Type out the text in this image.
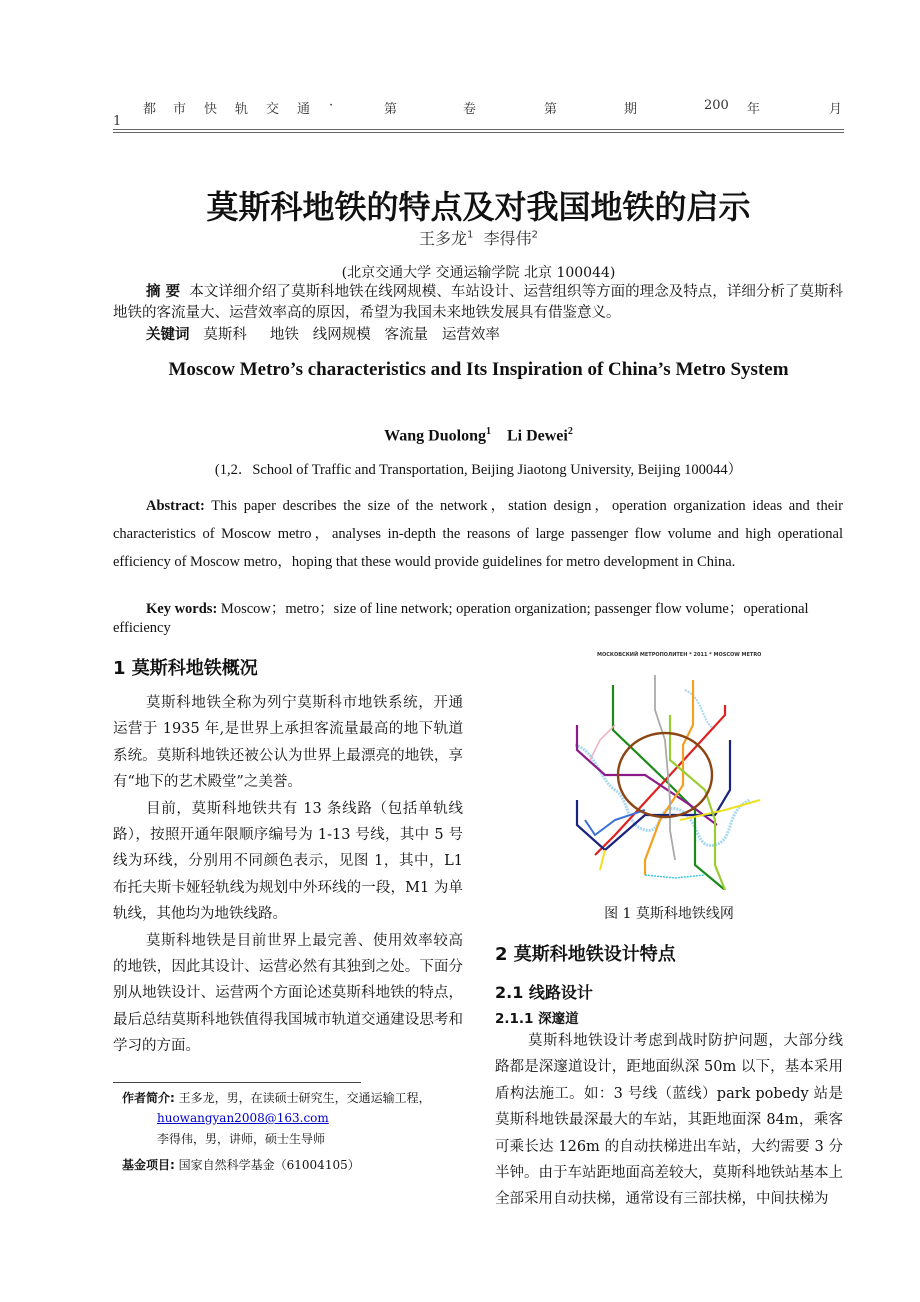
都 市 快 轨 交 通 ·	第	卷	第	期	200 年	月
1
莫斯科地铁的特点及对我国地铁的启示
王多龙$^1$ 李得伟$^2$
(北京交通大学 交通运输学院 北京 100044)
摘 要 本文详细介绍了莫斯科地铁在线网规模、车站设计、运营组织等方面的理念及特点，详细分析了莫斯科地铁的客流量大、运营效率高的原因，希望为我国未来地铁发展具有借鉴意义。
关键词 莫斯科 地铁 线网规模 客流量 运营效率
Moscow Metro’s characteristics and Its Inspiration of China’s Metro System
Wang Duolong$^1$ Li Dewei$^2$
(1,2．School of Traffic and Transportation, Beijing Jiaotong University, Beijing 100044）
Abstract: This paper describes the size of the network，station design，operation organization ideas and their characteristics of Moscow metro，analyses in-depth the reasons of large passenger flow volume and high operational efficiency of Moscow metro，hoping that these would provide guidelines for metro development in China.
Key words: Moscow；metro；size of line network; operation organization; passenger flow volume；operational efficiency
1 莫斯科地铁概况

莫斯科地铁全称为列宁莫斯科市地铁系统，开通运营于 1935 年,是世界上承担客流量最高的地下轨道系统。莫斯科地铁还被公认为世界上最漂亮的地铁，享有“地下的艺术殿堂”之美誉。

目前，莫斯科地铁共有 13 条线路（包括单轨线路），按照开通年限顺序编号为 1-13 号线，其中 5 号线为环线，分别用不同颜色表示，见图 1，其中，L1 布托夫斯卡娅轻轨线为规划中外环线的一段，M1 为单轨线，其他均为地铁线路。

莫斯科地铁是目前世界上最完善、使用效率较高的地铁，因此其设计、运营必然有其独到之处。下面分别从地铁设计、运营两个方面论述莫斯科地铁的特点，最后总结莫斯科地铁值得我国城市轨道交通建设思考和学习的方面。

作者简介: 王多龙，男，在读硕士研究生，交通运输工程，
huowangyan2008@163.com
李得伟，男，讲师，硕士生导师
基金项目: 国家自然科学基金（61004105）
МОСКОВСКИЙ МЕТРОПОЛИТЕН * 2011 * MOSCOW METRO
图 1 莫斯科地铁线网
2 莫斯科地铁设计特点
2.1 线路设计
2.1.1 深邃道

莫斯科地铁设计考虑到战时防护问题，大部分线路都是深邃道设计，距地面纵深 50m 以下，基本采用盾构法施工。如：3 号线（蓝线）park pobedy 站是莫斯科地铁最深最大的车站，其距地面深 84m，乘客可乘长达 126m 的自动扶梯进出车站，大约需要 3 分半钟。由于车站距地面高差较大，莫斯科地铁站基本上全部采用自动扶梯，通常设有三部扶梯，中间扶梯为
